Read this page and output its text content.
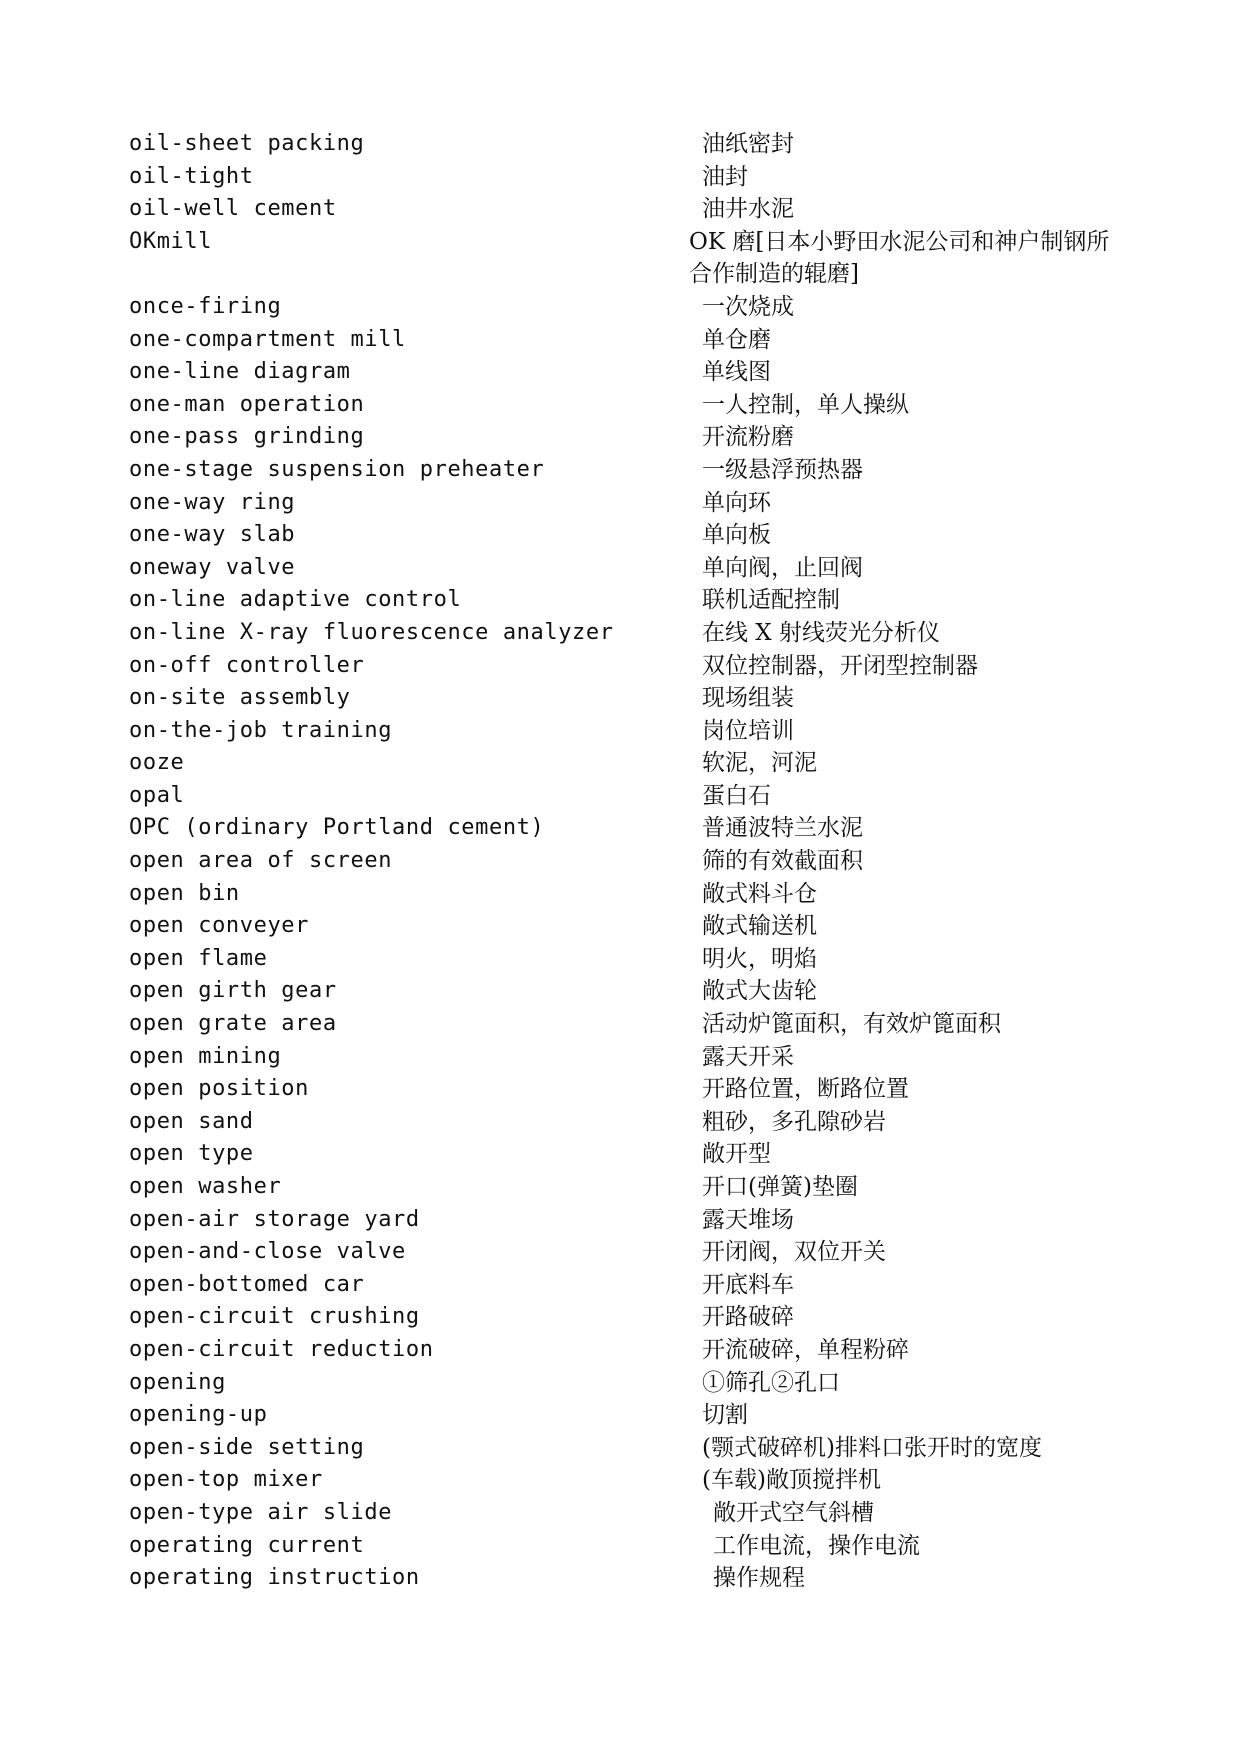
oil-sheet packing	油纸密封
oil-tight	油封
oil-well cement	油井水泥
OKmill	OK 磨[日本小野田水泥公司和神户制钢所合作制造的辊磨]
once-firing	一次烧成
one-compartment mill	单仓磨
one-line diagram	单线图
one-man operation	一人控制，单人操纵
one-pass grinding	开流粉磨
one-stage suspension preheater	一级悬浮预热器
one-way ring	单向环
one-way slab	单向板
oneway valve	单向阀，止回阀
on-line adaptive control	联机适配控制
on-line X-ray fluorescence analyzer	在线 X 射线荧光分析仪
on-off controller	双位控制器，开闭型控制器
on-site assembly	现场组装
on-the-job training	岗位培训
ooze	软泥，河泥
opal	蛋白石
OPC (ordinary Portland cement)	普通波特兰水泥
open area of screen	筛的有效截面积
open bin	敞式料斗仓
open conveyer	敞式输送机
open flame	明火，明焰
open girth gear	敞式大齿轮
open grate area	活动炉篦面积，有效炉篦面积
open mining	露天开采
open position	开路位置，断路位置
open sand	粗砂，多孔隙砂岩
open type	敞开型
open washer	开口(弹簧)垫圈
open-air storage yard	露天堆场
open-and-close valve	开闭阀，双位开关
open-bottomed car	开底料车
open-circuit crushing	开路破碎
open-circuit reduction	开流破碎，单程粉碎
opening	①筛孔②孔口
opening-up	切割
open-side setting	(颚式破碎机)排料口张开时的宽度
open-top mixer	(车载)敞顶搅拌机
open-type air slide	敞开式空气斜槽
operating current	工作电流，操作电流
operating instruction	操作规程
